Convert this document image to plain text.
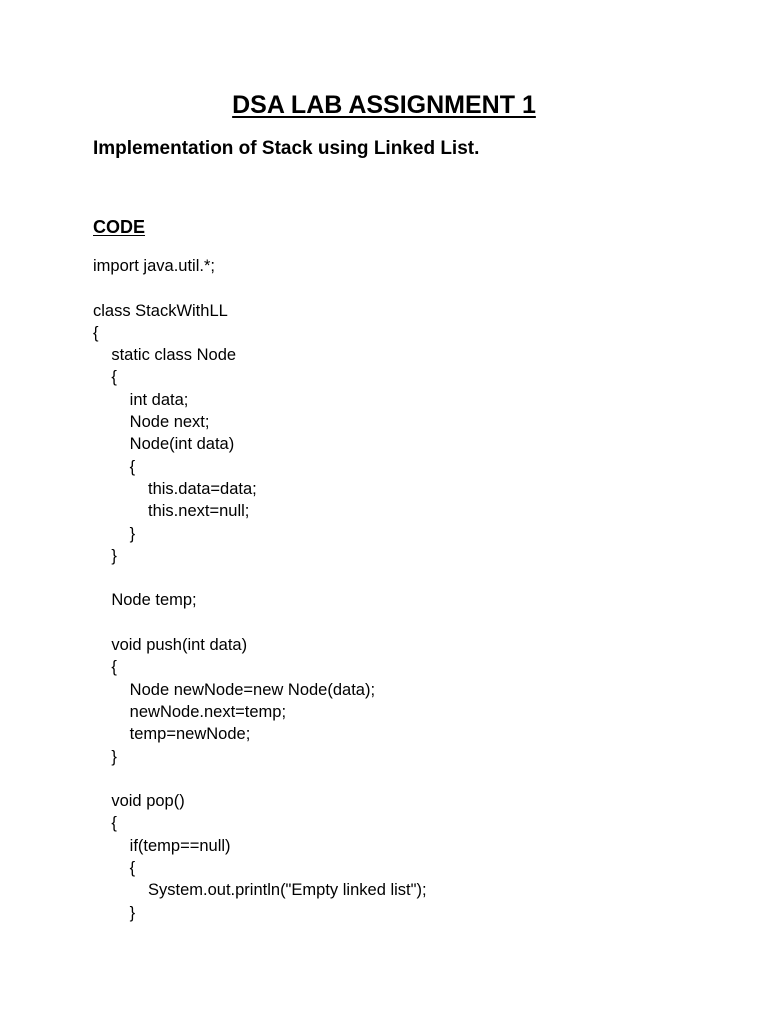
DSA LAB ASSIGNMENT 1
Implementation of Stack using Linked List.
CODE
import java.util.*;
class StackWithLL
{
static class Node
{
int data;
Node next;
Node(int data)
{
this.data=data;
this.next=null;
}
}
Node temp;
void push(int data)
{
Node newNode=new Node(data);
newNode.next=temp;
temp=newNode;
}
void pop()
{
if(temp==null)
{
System.out.println("Empty linked list");
}
